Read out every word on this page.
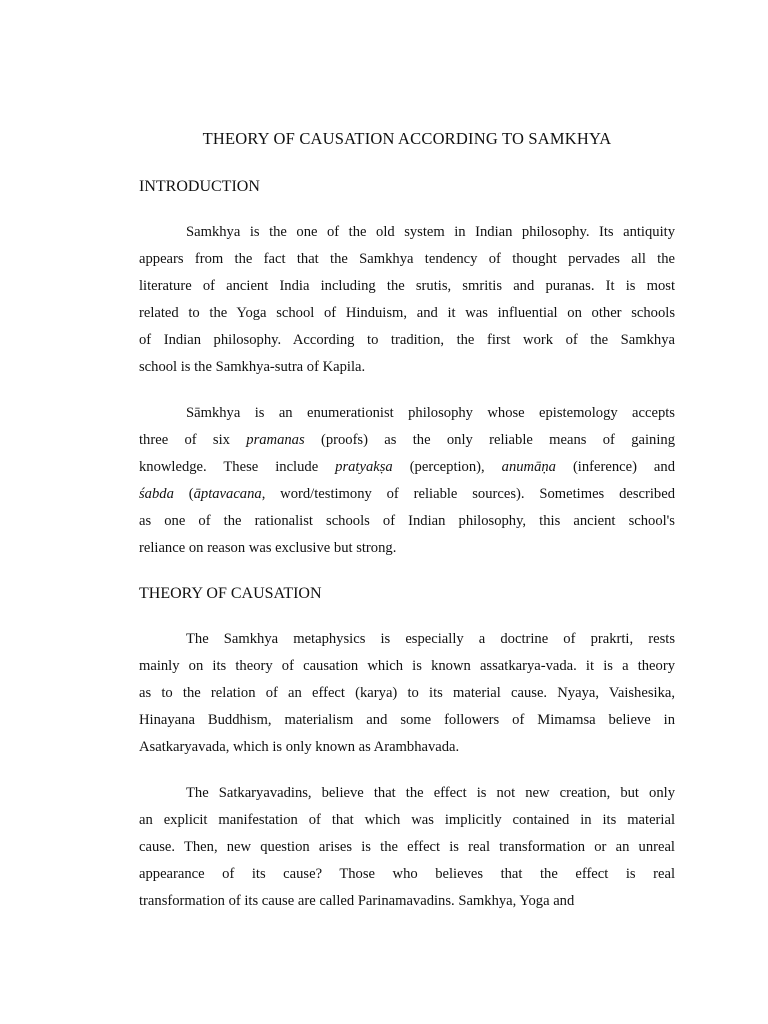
THEORY OF CAUSATION ACCORDING TO SAMKHYA
INTRODUCTION
Samkhya is the one of the old system in Indian philosophy. Its antiquity
appears from the fact that the Samkhya tendency of thought pervades all the
literature of ancient India including the srutis, smritis and puranas. It is most
related to the Yoga school of Hinduism, and it was influential on other schools
of Indian philosophy. According to tradition, the first work of the Samkhya
school is the Samkhya-sutra of Kapila.
Sāmkhya is an enumerationist philosophy whose epistemology accepts
three of six pramanas (proofs) as the only reliable means of gaining
knowledge. These include pratyakṣa (perception), anumāṇa (inference) and
śabda (āptavacana, word/testimony of reliable sources). Sometimes described
as one of the rationalist schools of Indian philosophy, this ancient school's
reliance on reason was exclusive but strong.
THEORY OF CAUSATION
The Samkhya metaphysics is especially a doctrine of prakrti, rests
mainly on its theory of causation which is known assatkarya-vada. it is a theory
as to the relation of an effect (karya) to its material cause. Nyaya, Vaishesika,
Hinayana Buddhism, materialism and some followers of Mimamsa believe in
Asatkaryavada, which is only known as Arambhavada.
The Satkaryavadins, believe that the effect is not new creation, but only
an explicit manifestation of that which was implicitly contained in its material
cause. Then, new question arises is the effect is real transformation or an unreal
appearance of its cause? Those who believes that the effect is real
transformation of its cause are called Parinamavadins. Samkhya, Yoga and
